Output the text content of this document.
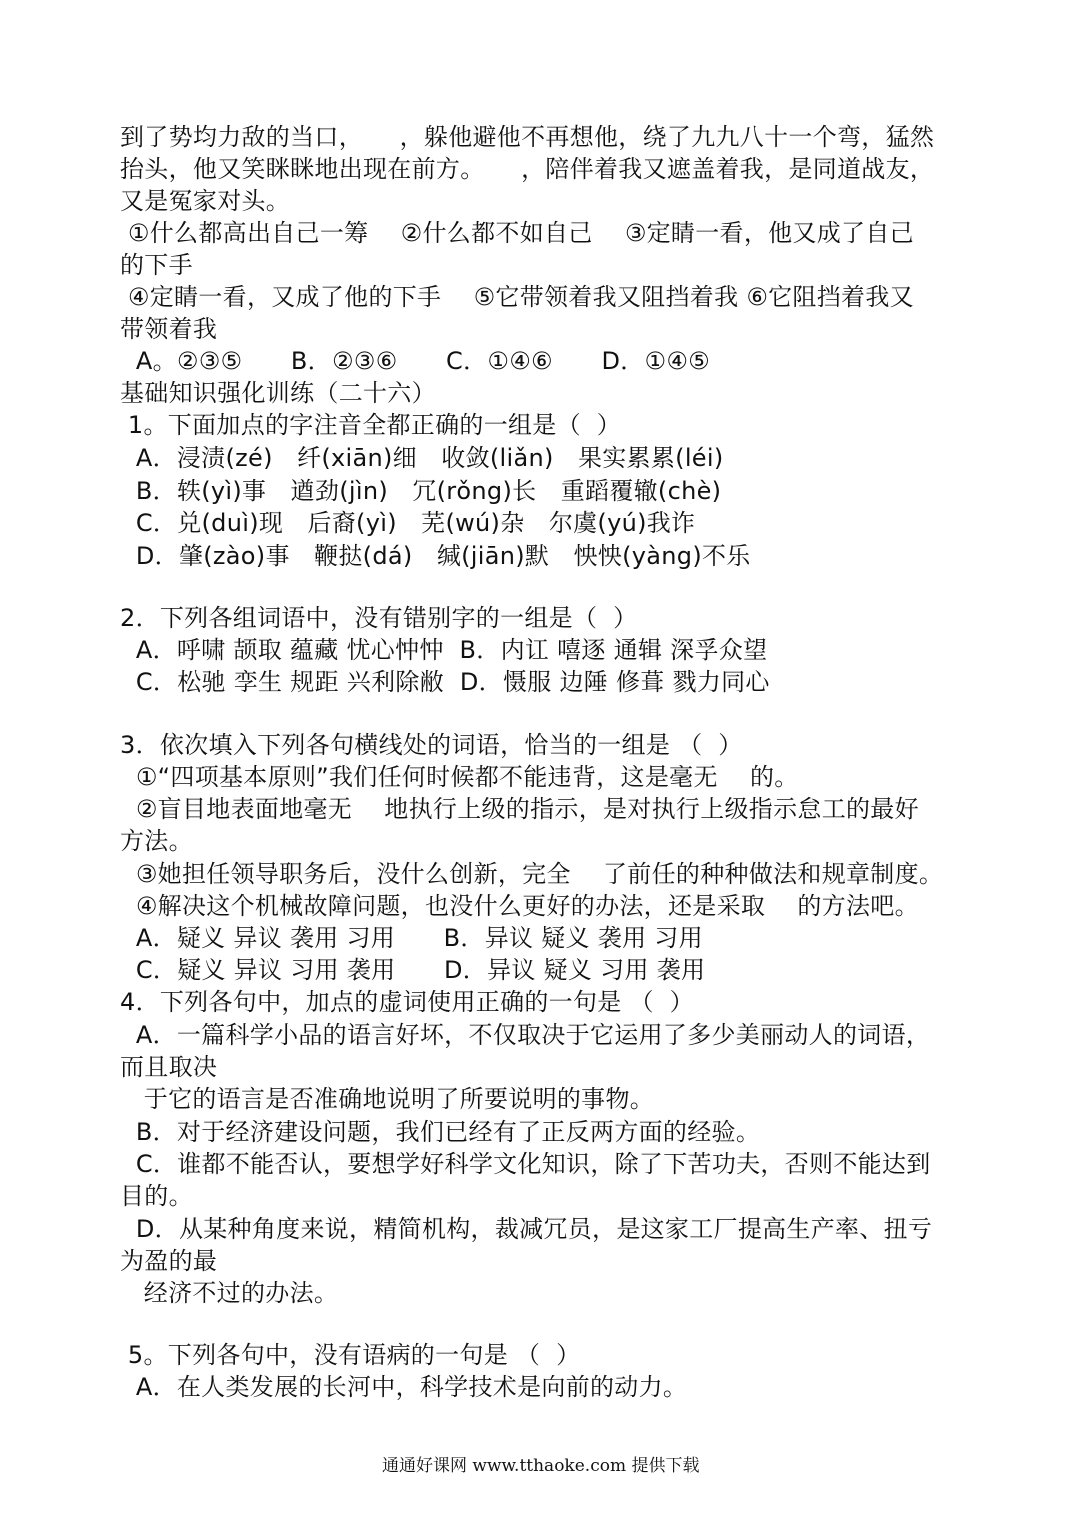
到了势均力敌的当口，　　，躲他避他不再想他，绕了九九八十一个弯，猛然
抬头，他又笑眯眯地出现在前方。　　，陪伴着我又遮盖着我，是同道战友，
又是冤家对头。
①什么都高出自己一筹　 ②什么都不如自己　 ③定睛一看，他又成了自己
的下手
④定睛一看，又成了他的下手　 ⑤它带领着我又阻挡着我 ⑥它阻挡着我又
带领着我
A。②③⑤　　B．②③⑥　　C．①④⑥　　D．①④⑤
基础知识强化训练（二十六）
1。下面加点的字注音全都正确的一组是（  ）
A．浸渍(zé)　纤(xiān)细　收敛(liǎn)　果实累累(léi)
B．轶(yì)事　遒劲(jìn)　冗(rǒng)长　重蹈覆辙(chè)
C．兑(duì)现　后裔(yì)　芜(wú)杂　尔虞(yú)我诈
D．肇(zào)事　鞭挞(dá)　缄(jiān)默　怏怏(yàng)不乐
2．下列各组词语中，没有错别字的一组是（  ）
A．呼啸 颉取 蕴藏 忧心忡忡  B．内讧 嘻逐 通辑 深孚众望
C．松驰 孪生 规距 兴利除敝  D．慑服 边陲 修葺 戮力同心
3．依次填入下列各句横线处的词语，恰当的一组是 （  ）
①“四项基本原则”我们任何时候都不能违背，这是毫无　 的。
②盲目地表面地毫无　 地执行上级的指示，是对执行上级指示怠工的最好
方法。
③她担任领导职务后，没什么创新，完全　 了前任的种种做法和规章制度。
④解决这个机械故障问题，也没什么更好的办法，还是采取　 的方法吧。
A．疑义 异议 袭用 习用　　B．异议 疑义 袭用 习用
C．疑义 异议 习用 袭用　　D．异议 疑义 习用 袭用
4．下列各句中，加点的虚词使用正确的一句是 （  ）
A．一篇科学小品的语言好坏，不仅取决于它运用了多少美丽动人的词语，
而且取决
于它的语言是否准确地说明了所要说明的事物。
B．对于经济建设问题，我们已经有了正反两方面的经验。
C．谁都不能否认，要想学好科学文化知识，除了下苦功夫，否则不能达到
目的。
D．从某种角度来说，精简机构，裁减冗员，是这家工厂提高生产率、扭亏
为盈的最
经济不过的办法。
5。下列各句中，没有语病的一句是 （  ）
A．在人类发展的长河中，科学技术是向前的动力。
通通好课网 www.tthaoke.com 提供下载
